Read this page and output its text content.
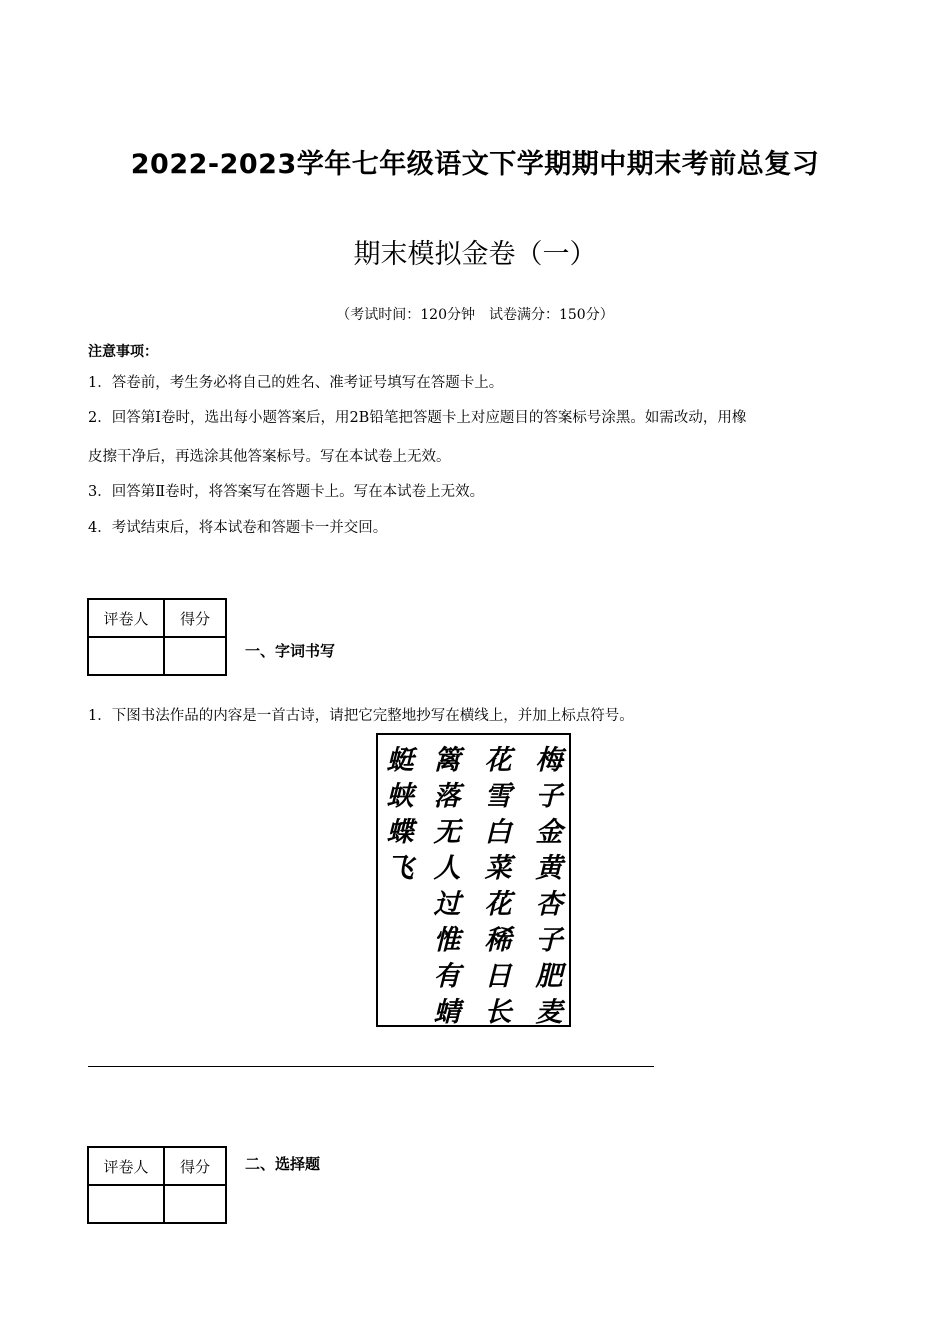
2022-2023学年七年级语文下学期期中期末考前总复习
期末模拟金卷（一）
（考试时间：120分钟　试卷满分：150分）
注意事项：
1．答卷前，考生务必将自己的姓名、准考证号填写在答题卡上。
2．回答第Ⅰ卷时，选出每小题答案后，用2B铅笔把答题卡上对应题目的答案标号涂黑。如需改动，用橡
皮擦干净后，再选涂其他答案标号。写在本试卷上无效。
3．回答第Ⅱ卷时，将答案写在答题卡上。写在本试卷上无效。
4．考试结束后，将本试卷和答题卡一并交回。
评卷人	得分

一、字词书写
1．下图书法作品的内容是一首古诗，请把它完整地抄写在横线上，并加上标点符号。
梅
子
金
黄
杏
子
肥
麦
花
雪
白
菜
花
稀
日
长
篱
落
无
人
过
惟
有
蜻
蜓
蛱
蝶
飞
评卷人	得分
	二、选择题
